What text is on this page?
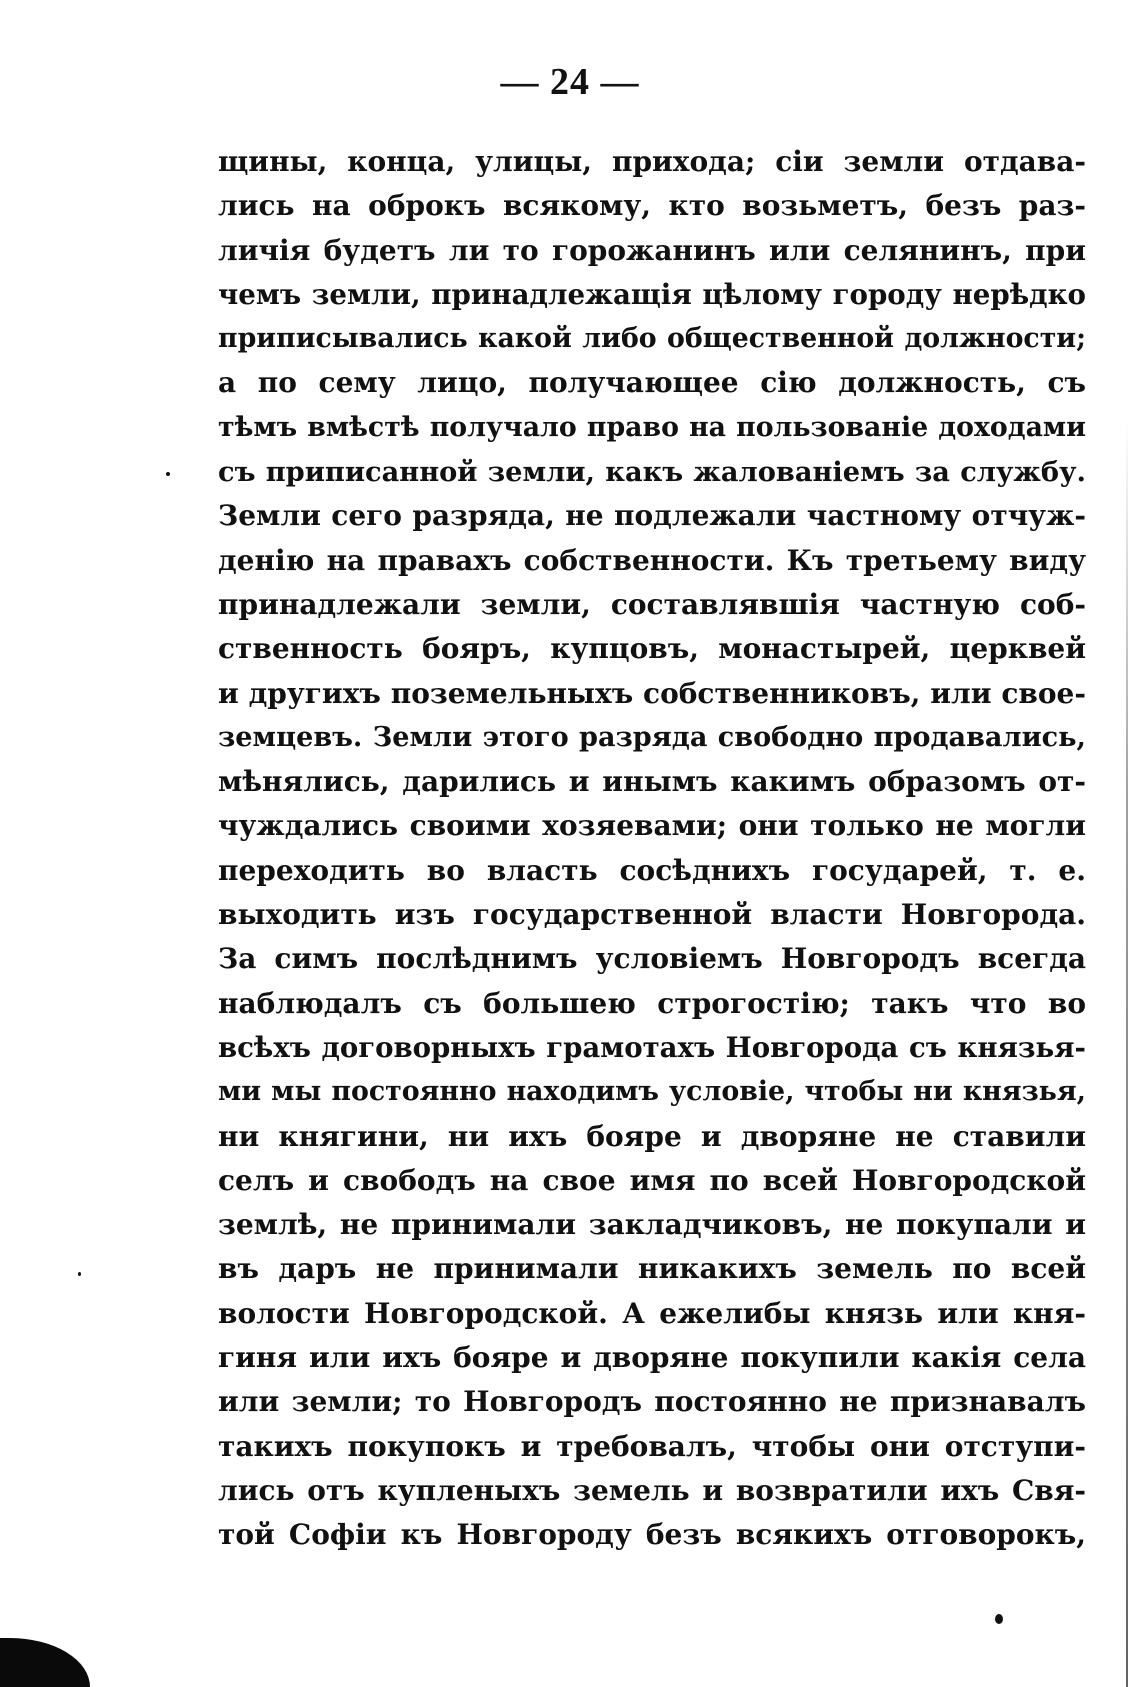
— 24 —
щины, конца, улицы, прихода; сiи земли отдава-
лись на оброкъ всякому, кто возьметъ, безъ раз-
личiя будетъ ли то горожанинъ или селянинъ, при
чемъ земли, принадлежащiя цѣлому городу нерѣдко
приписывались какой либо общественной должности;
а по сему лицо, получающее сiю должность, съ
тѣмъ вмѣстѣ получало право на пользованiе доходами
съ приписанной земли, какъ жалованiемъ за службу.
Земли сего разряда, не подлежали частному отчуж-
денiю на правахъ собственности. Къ третьему виду
принадлежали земли, составлявшiя частную соб-
ственность бояръ, купцовъ, монастырей, церквей
и другихъ поземельныхъ собственниковъ, или свое-
земцевъ. Земли этого разряда свободно продавались,
мѣнялись, дарились и инымъ какимъ образомъ от-
чуждались своими хозяевами; они только не могли
переходить во власть сосѣднихъ государей, т. е.
выходить изъ государственной власти Новгорода.
За симъ послѣднимъ условiемъ Новгородъ всегда
наблюдалъ съ большею строгостiю; такъ что во
всѣхъ договорныхъ грамотахъ Новгорода съ князья-
ми мы постоянно находимъ условiе, чтобы ни князья,
ни княгини, ни ихъ бояре и дворяне не ставили
селъ и свободъ на свое имя по всей Новгородской
землѣ, не принимали закладчиковъ, не покупали и
въ даръ не принимали никакихъ земель по всей
волости Новгородской. А ежелибы князь или кня-
гиня или ихъ бояре и дворяне покупили какiя села
или земли; то Новгородъ постоянно не признавалъ
такихъ покупокъ и требовалъ, чтобы они отступи-
лись отъ купленыхъ земель и возвратили ихъ Свя-
той Софiи къ Новгороду безъ всякихъ отговорокъ,
